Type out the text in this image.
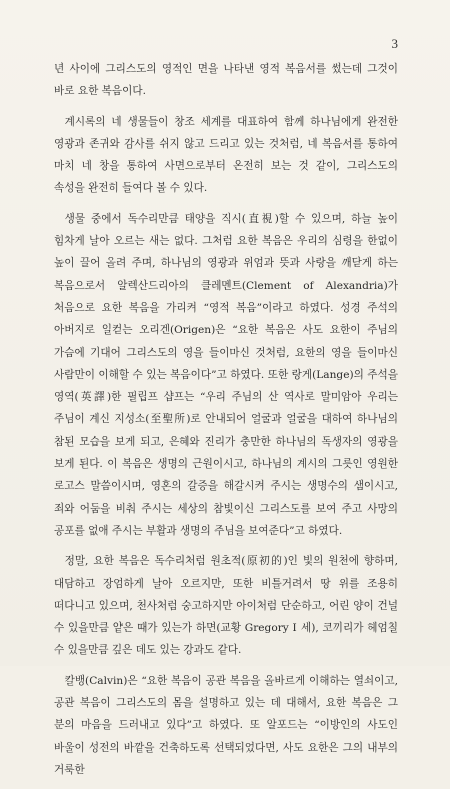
3

년 사이에 그리스도의 영적인 면을 나타낸 영적 복음서를 썼는데 그것이 바로 요한 복음이다.

계시록의 네 생물들이 창조 세계를 대표하여 함께 하나님에게 완전한 영광과 존귀와 감사를 쉬지 않고 드리고 있는 것처럼, 네 복음서를 통하여 마치 네 창을 통하여 사면으로부터 온전히 보는 것 같이, 그리스도의 속성을 완전히 들여다 볼 수 있다.

생물 중에서 독수리만큼 태양을 직시(直視)할 수 있으며, 하늘 높이 힘차게 날아 오르는 새는 없다. 그처럼 요한 복음은 우리의 심령을 한없이 높이 끌어 올려 주며, 하나님의 영광과 위엄과 뜻과 사랑을 깨닫게 하는 복음으로서 알렉산드리아의 클레멘트(Clement of Alexandria)가 처음으로 요한 복음을 가리켜 “영적 복음”이라고 하였다. 성경 주석의 아버지로 일컫는 오리겐(Origen)은 “요한 복음은 사도 요한이 주님의 가슴에 기대어 그리스도의 영을 들이마신 것처럼, 요한의 영을 들이마신 사람만이 이해할 수 있는 복음이다”고 하였다. 또한 랑게(Lange)의 주석을 영역(英譯)한 필립프 샵프는 “우리 주님의 산 역사로 말미암아 우리는 주님이 계신 지성소(至聖所)로 안내되어 얼굴과 얼굴을 대하여 하나님의 참된 모습을 보게 되고, 은혜와 진리가 충만한 하나님의 독생자의 영광을 보게 된다. 이 복음은 생명의 근원이시고, 하나님의 계시의 그릇인 영원한 로고스 말씀이시며, 영혼의 갈증을 해갈시켜 주시는 생명수의 샘이시고, 죄와 어둠을 비춰 주시는 세상의 참빛이신 그리스도를 보여 주고 사망의 공포를 없애 주시는 부활과 생명의 주님을 보여준다”고 하였다.

정말, 요한 복음은 독수리처럼 원초적(原初的)인 빛의 원천에 향하며, 대담하고 장엄하게 날아 오르지만, 또한 비틀거려서 땅 위를 조용히 떠다니고 있으며, 천사처럼 숭고하지만 아이처럼 단순하고, 어린 양이 건널 수 있을만큼 얕은 때가 있는가 하면(교황 Gregory Ⅰ 세), 코끼리가 헤엄칠 수 있을만큼 깊은 데도 있는 강과도 같다.

칼뱅(Calvin)은 “요한 복음이 공관 복음을 올바르게 이해하는 열쇠이고, 공관 복음이 그리스도의 몸을 설명하고 있는 데 대해서, 요한 복음은 그 분의 마음을 드러내고 있다”고 하였다. 또 알포드는 “이방인의 사도인 바울이 성전의 바깥을 건축하도록 선택되었다면, 사도 요한은 그의 내부의 거룩한
